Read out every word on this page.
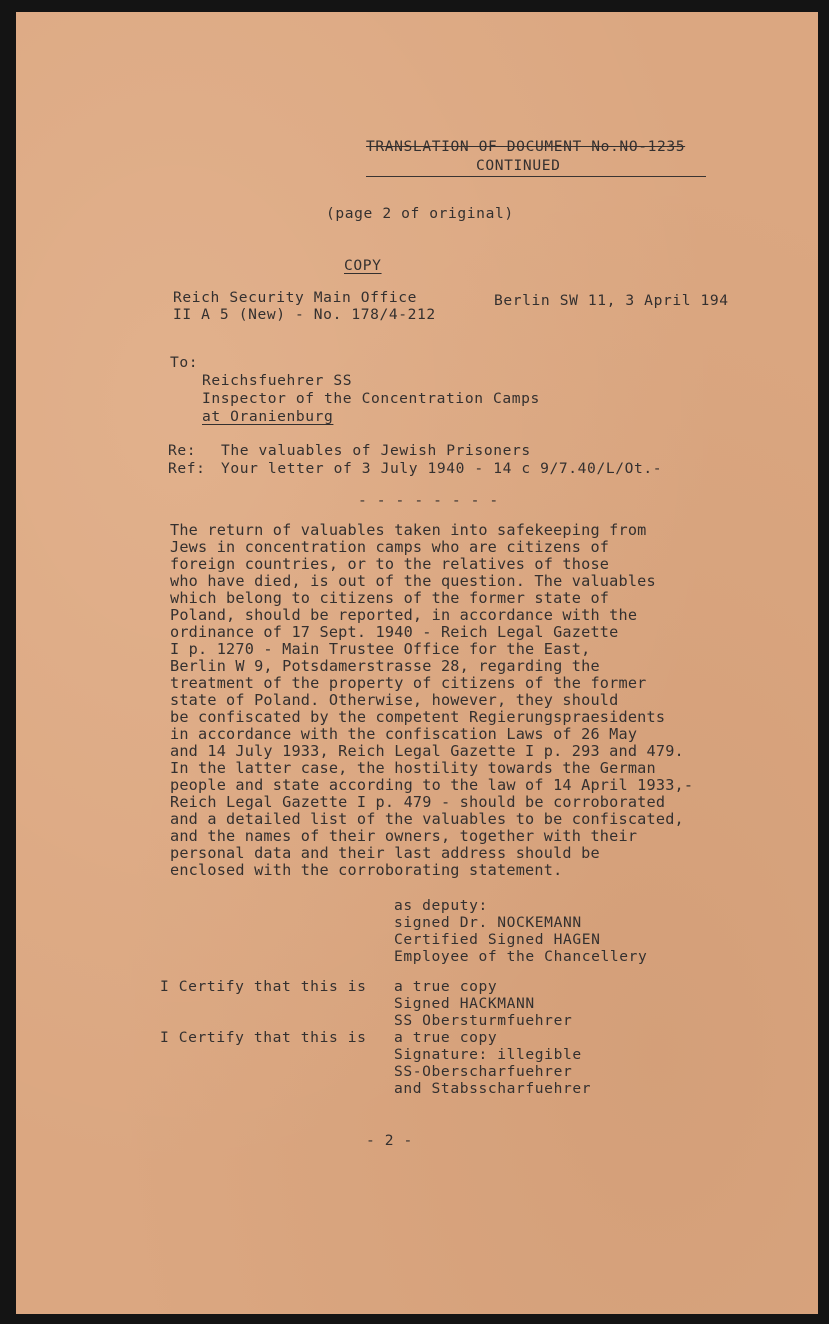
TRANSLATION OF DOCUMENT No.NO-1235
CONTINUED
(page 2 of original)
COPY
Reich Security Main Office
II A 5 (New) - No. 178/4-212
Berlin SW 11, 3 April 194
To:
Reichsfuehrer SS
Inspector of the Concentration Camps
at Oranienburg
Re: The valuables of Jewish Prisoners
Ref: Your letter of 3 July 1940 - 14 c 9/7.40/L/Ot.-
- - - - - - - -
The return of valuables taken into safekeeping from
Jews in concentration camps who are citizens of
foreign countries, or to the relatives of those
who have died, is out of the question. The valuables
which belong to citizens of the former state of
Poland, should be reported, in accordance with the
ordinance of 17 Sept. 1940 - Reich Legal Gazette
I p. 1270 - Main Trustee Office for the East,
Berlin W 9, Potsdamerstrasse 28, regarding the
treatment of the property of citizens of the former
state of Poland. Otherwise, however, they should
be confiscated by the competent Regierungspraesidents
in accordance with the confiscation Laws of 26 May
and 14 July 1933, Reich Legal Gazette I p. 293 and 479.
In the latter case, the hostility towards the German
people and state according to the law of 14 April 1933,-
Reich Legal Gazette I p. 479 - should be corroborated
and a detailed list of the valuables to be confiscated,
and the names of their owners, together with their
personal data and their last address should be
enclosed with the corroborating statement.
as deputy:
signed Dr. NOCKEMANN
Certified Signed HAGEN
Employee of the Chancellery
I Certify that this is a true copy
Signed HACKMANN
SS Obersturmfuehrer
I Certify that this is a true copy
Signature: illegible
SS-Oberscharfuehrer
and Stabsscharfuehrer
- 2 -
